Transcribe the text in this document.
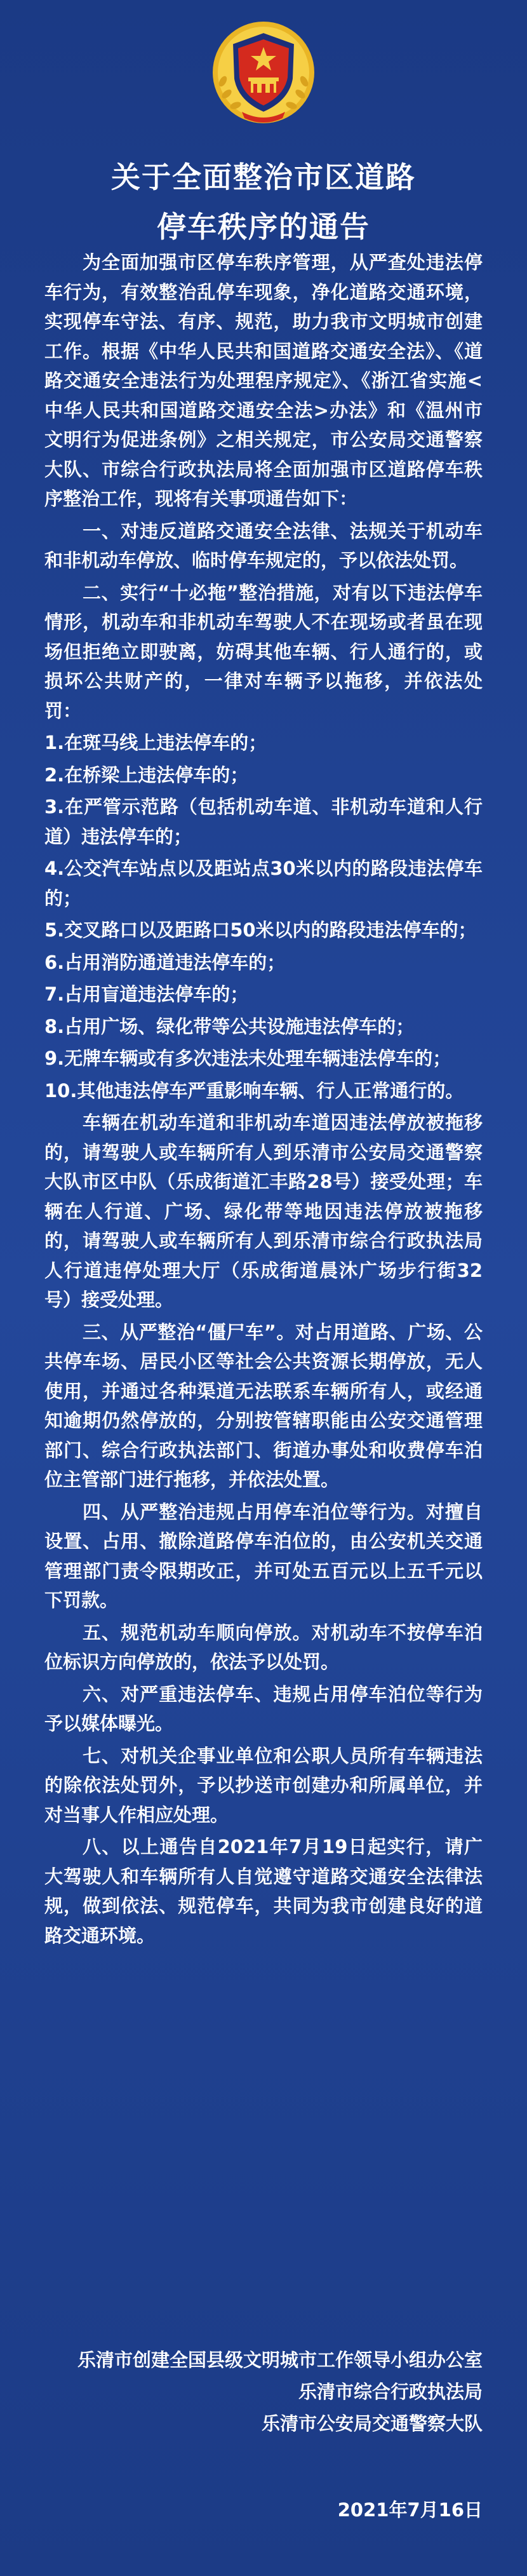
关于全面整治市区道路
停车秩序的通告

为全面加强市区停车秩序管理，从严查处违法停车行为，有效整治乱停车现象，净化道路交通环境，实现停车守法、有序、规范，助力我市文明城市创建工作。根据《中华人民共和国道路交通安全法》、《道路交通安全违法行为处理程序规定》、《浙江省实施<中华人民共和国道路交通安全法>办法》和《温州市文明行为促进条例》之相关规定，市公安局交通警察大队、市综合行政执法局将全面加强市区道路停车秩序整治工作，现将有关事项通告如下：

一、对违反道路交通安全法律、法规关于机动车和非机动车停放、临时停车规定的，予以依法处罚。

二、实行“十必拖”整治措施，对有以下违法停车情形，机动车和非机动车驾驶人不在现场或者虽在现场但拒绝立即驶离，妨碍其他车辆、行人通行的，或损坏公共财产的，一律对车辆予以拖移，并依法处罚：

1.在斑马线上违法停车的；

2.在桥梁上违法停车的；

3.在严管示范路（包括机动车道、非机动车道和人行道）违法停车的；

4.公交汽车站点以及距站点30米以内的路段违法停车的；

5.交叉路口以及距路口50米以内的路段违法停车的；

6.占用消防通道违法停车的；

7.占用盲道违法停车的；

8.占用广场、绿化带等公共设施违法停车的；

9.无牌车辆或有多次违法未处理车辆违法停车的；

10.其他违法停车严重影响车辆、行人正常通行的。

车辆在机动车道和非机动车道因违法停放被拖移的，请驾驶人或车辆所有人到乐清市公安局交通警察大队市区中队（乐成街道汇丰路28号）接受处理；车辆在人行道、广场、绿化带等地因违法停放被拖移的，请驾驶人或车辆所有人到乐清市综合行政执法局人行道违停处理大厅（乐成街道晨沐广场步行街32号）接受处理。

三、从严整治“僵尸车”。对占用道路、广场、公共停车场、居民小区等社会公共资源长期停放，无人使用，并通过各种渠道无法联系车辆所有人，或经通知逾期仍然停放的，分别按管辖职能由公安交通管理部门、综合行政执法部门、街道办事处和收费停车泊位主管部门进行拖移，并依法处置。

四、从严整治违规占用停车泊位等行为。对擅自设置、占用、撤除道路停车泊位的，由公安机关交通管理部门责令限期改正，并可处五百元以上五千元以下罚款。

五、规范机动车顺向停放。对机动车不按停车泊位标识方向停放的，依法予以处罚。

六、对严重违法停车、违规占用停车泊位等行为予以媒体曝光。

七、对机关企事业单位和公职人员所有车辆违法的除依法处罚外，予以抄送市创建办和所属单位，并对当事人作相应处理。

八、以上通告自2021年7月19日起实行，请广大驾驶人和车辆所有人自觉遵守道路交通安全法律法规，做到依法、规范停车，共同为我市创建良好的道路交通环境。

乐清市创建全国县级文明城市工作领导小组办公室
乐清市综合行政执法局
乐清市公安局交通警察大队
2021年7月16日
